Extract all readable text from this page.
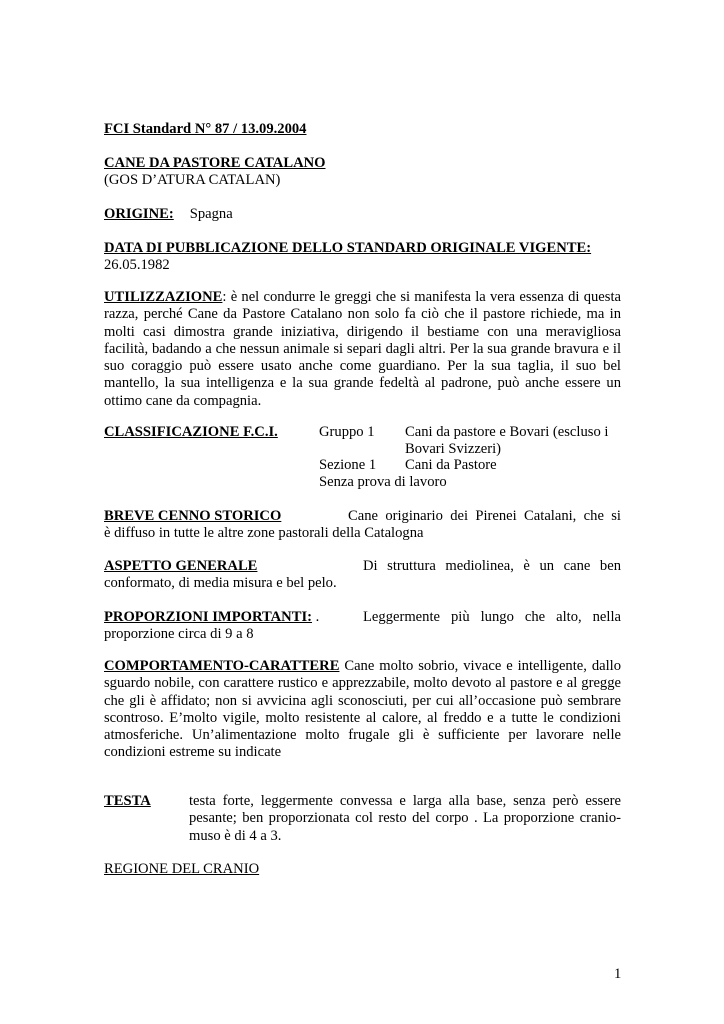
FCI Standard N° 87 / 13.09.2004
CANE DA PASTORE CATALANO
(GOS D’ATURA CATALAN)
ORIGINE: Spagna
DATA DI PUBBLICAZIONE DELLO STANDARD ORIGINALE VIGENTE:
26.05.1982
UTILIZZAZIONE: è nel condurre le greggi che si manifesta la vera essenza di questa razza, perché Cane da Pastore Catalano non solo fa ciò che il pastore richiede, ma in molti casi dimostra grande iniziativa, dirigendo il bestiame con una meravigliosa facilità, badando a che nessun animale si separi dagli altri. Per la sua grande bravura e il suo coraggio può essere usato anche come guardiano. Per la sua taglia, il suo bel mantello, la sua intelligenza e la sua grande fedeltà al padrone, può anche essere un ottimo cane da compagnia.
CLASSIFICAZIONE F.C.I.	Gruppo 1 Cani da pastore e Bovari (escluso i
Bovari Svizzeri)
Sezione 1 Cani da Pastore
Senza prova di lavoro
BREVE CENNO STORICO	Cane originario dei Pirenei Catalani, che si
è diffuso in tutte le altre zone pastorali della Catalogna
ASPETTO GENERALE	Di struttura mediolinea, è un cane ben
conformato, di media misura e bel pelo.
PROPORZIONI IMPORTANTI: .	Leggermente più lungo che alto, nella
proporzione circa di 9 a 8
COMPORTAMENTO-CARATTERE Cane molto sobrio, vivace e intelligente, dallo sguardo nobile, con carattere rustico e apprezzabile, molto devoto al pastore e al gregge che gli è affidato; non si avvicina agli sconosciuti, per cui all’occasione può sembrare scontroso. E’molto vigile, molto resistente al calore, al freddo e a tutte le condizioni atmosferiche. Un’alimentazione molto frugale gli è sufficiente per lavorare nelle condizioni estreme su indicate
TESTA	testa forte, leggermente convessa e larga alla base, senza però essere pesante; ben proporzionata col resto del corpo . La proporzione cranio-muso è di 4 a 3.
REGIONE DEL CRANIO
1
